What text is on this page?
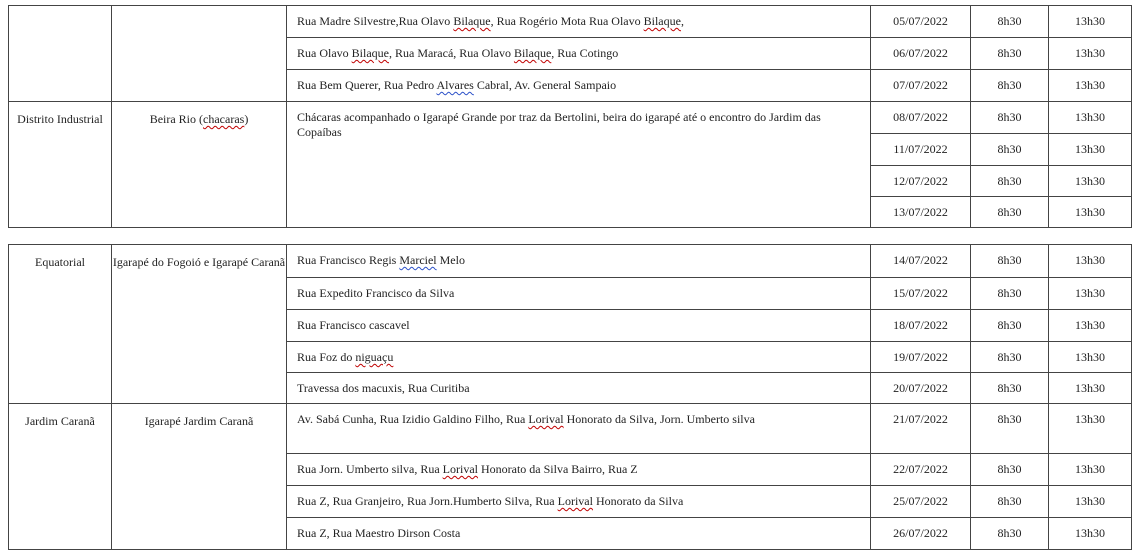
		Rua Madre Silvestre,Rua Olavo Bilaque, Rua Rogério Mota Rua Olavo Bilaque,	05/07/2022	8h30	13h30
		Rua Olavo Bilaque, Rua Maracá, Rua Olavo Bilaque, Rua Cotingo	06/07/2022	8h30	13h30
		Rua Bem Querer, Rua Pedro Alvares Cabral, Av. General Sampaio	07/07/2022	8h30	13h30
Distrito Industrial	Beira Rio (chacaras)	Chácaras acompanhado o Igarapé Grande por traz da Bertolini, beira do igarapé até o encontro do Jardim das Copaíbas	08/07/2022	8h30	13h30
			11/07/2022	8h30	13h30
			12/07/2022	8h30	13h30
			13/07/2022	8h30	13h30
Equatorial	Igarapé do Fogoió e Igarapé Caranã	Rua Francisco Regis Marciel Melo	14/07/2022	8h30	13h30
		Rua Expedito Francisco da Silva	15/07/2022	8h30	13h30
		Rua Francisco cascavel	18/07/2022	8h30	13h30
		Rua Foz do niguaçu	19/07/2022	8h30	13h30
		Travessa dos macuxis, Rua Curitiba	20/07/2022	8h30	13h30
Jardim Caranã	Igarapé Jardim Caranã	Av. Sabá Cunha, Rua Izidio Galdino Filho, Rua Lorival Honorato da Silva, Jorn. Umberto silva	21/07/2022	8h30	13h30
		Rua Jorn. Umberto silva, Rua Lorival Honorato da Silva Bairro, Rua Z	22/07/2022	8h30	13h30
		Rua Z, Rua Granjeiro, Rua Jorn.Humberto Silva, Rua Lorival Honorato da Silva	25/07/2022	8h30	13h30
		Rua Z, Rua Maestro Dirson Costa	26/07/2022	8h30	13h30
